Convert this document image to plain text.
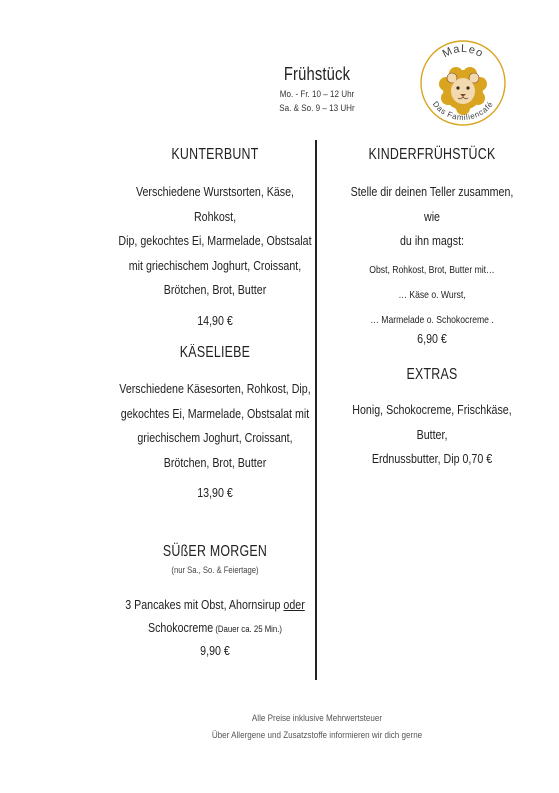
Frühstück
Mo. - Fr. 10 – 12 Uhr
Sa. & So. 9 – 13 UHr
MaLeo
Das Familiencafé
KUNTERBUNT
Verschiedene Wurstsorten, Käse, Rohkost,
Dip, gekochtes Ei, Marmelade, Obstsalat
mit griechischem Joghurt, Croissant,
Brötchen, Brot, Butter
14,90 €
KÄSELIEBE
Verschiedene Käsesorten, Rohkost, Dip,
gekochtes Ei, Marmelade, Obstsalat mit
griechischem Joghurt, Croissant,
Brötchen, Brot, Butter
13,90 €
SÜßER MORGEN
(nur Sa., So. & Feiertage)
3 Pancakes mit Obst, Ahornsirup oder
Schokocreme (Dauer ca. 25 Min.)
9,90 €
KINDERFRÜHSTÜCK
Stelle dir deinen Teller zusammen, wie
du ihn magst:
Obst, Rohkost, Brot, Butter mit…
… Käse o. Wurst,
… Marmelade o. Schokocreme .
6,90 €
EXTRAS
Honig, Schokocreme, Frischkäse, Butter,
Erdnussbutter, Dip 0,70 €
Alle Preise inklusive Mehrwertsteuer
Über Allergene und Zusatzstoffe informieren wir dich gerne
